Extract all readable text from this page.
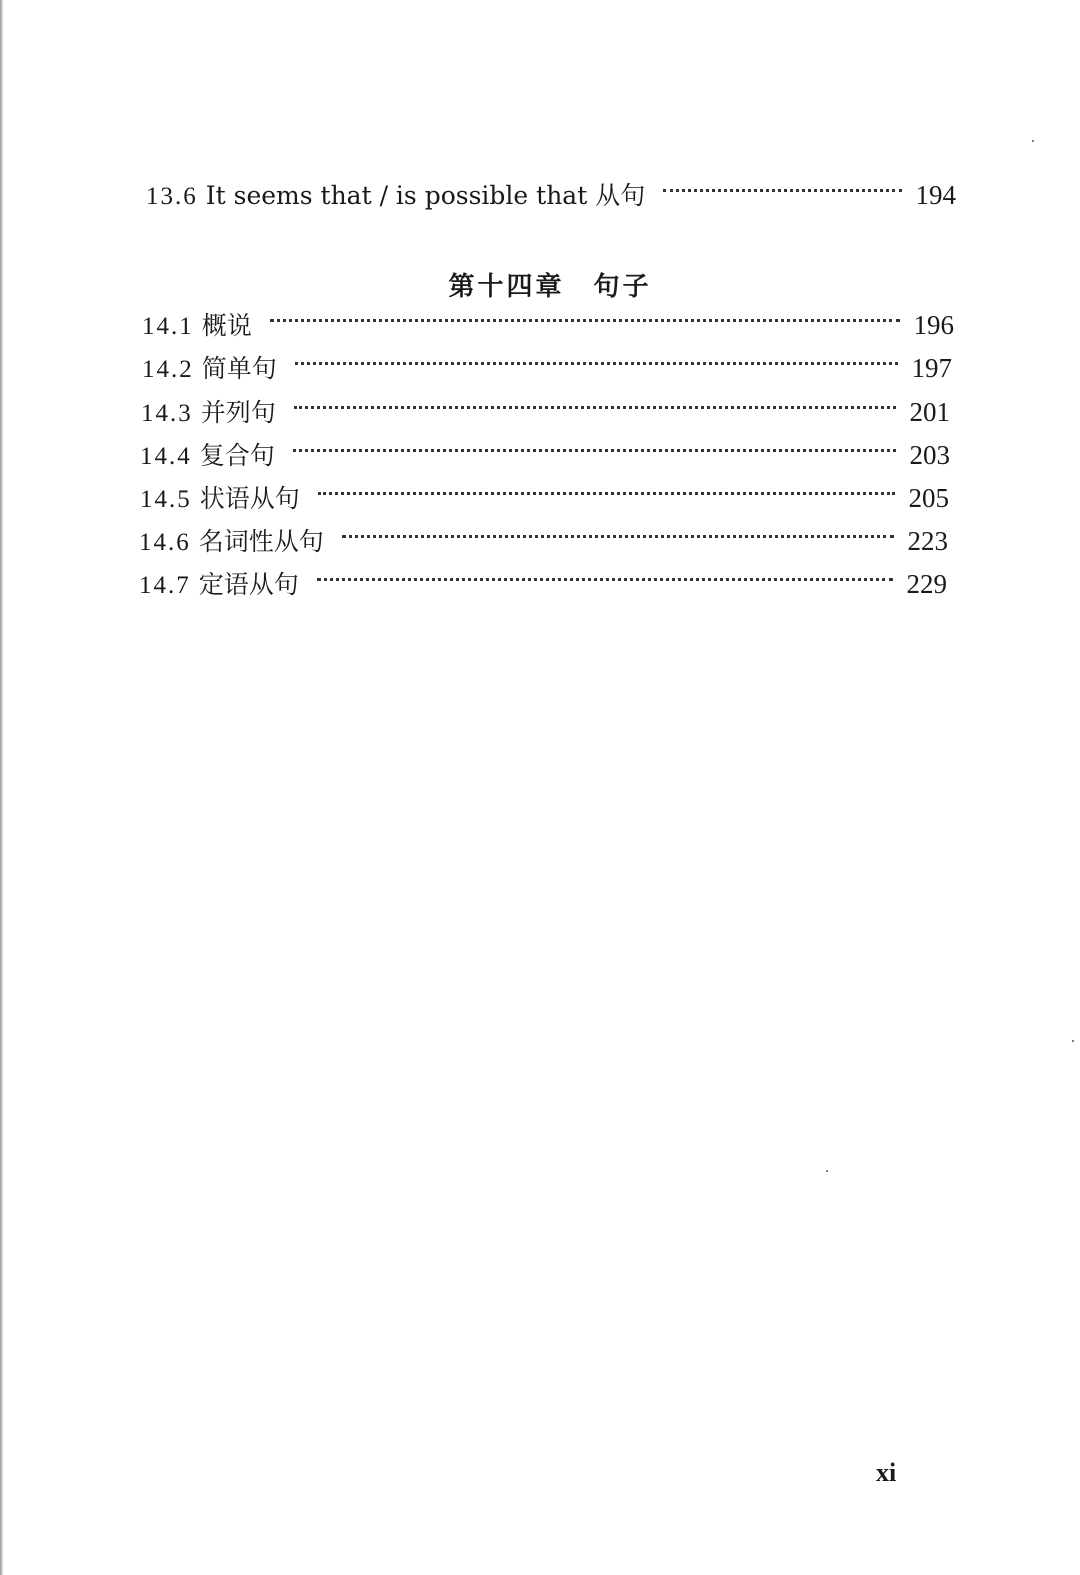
13.6 It seems that / is possible that 从句	194
第十四章　句子
14.1 概说	196
14.2 简单句	197
14.3 并列句	201
14.4 复合句	203
14.5 状语从句	205
14.6 名词性从句	223
14.7 定语从句	229
xi
